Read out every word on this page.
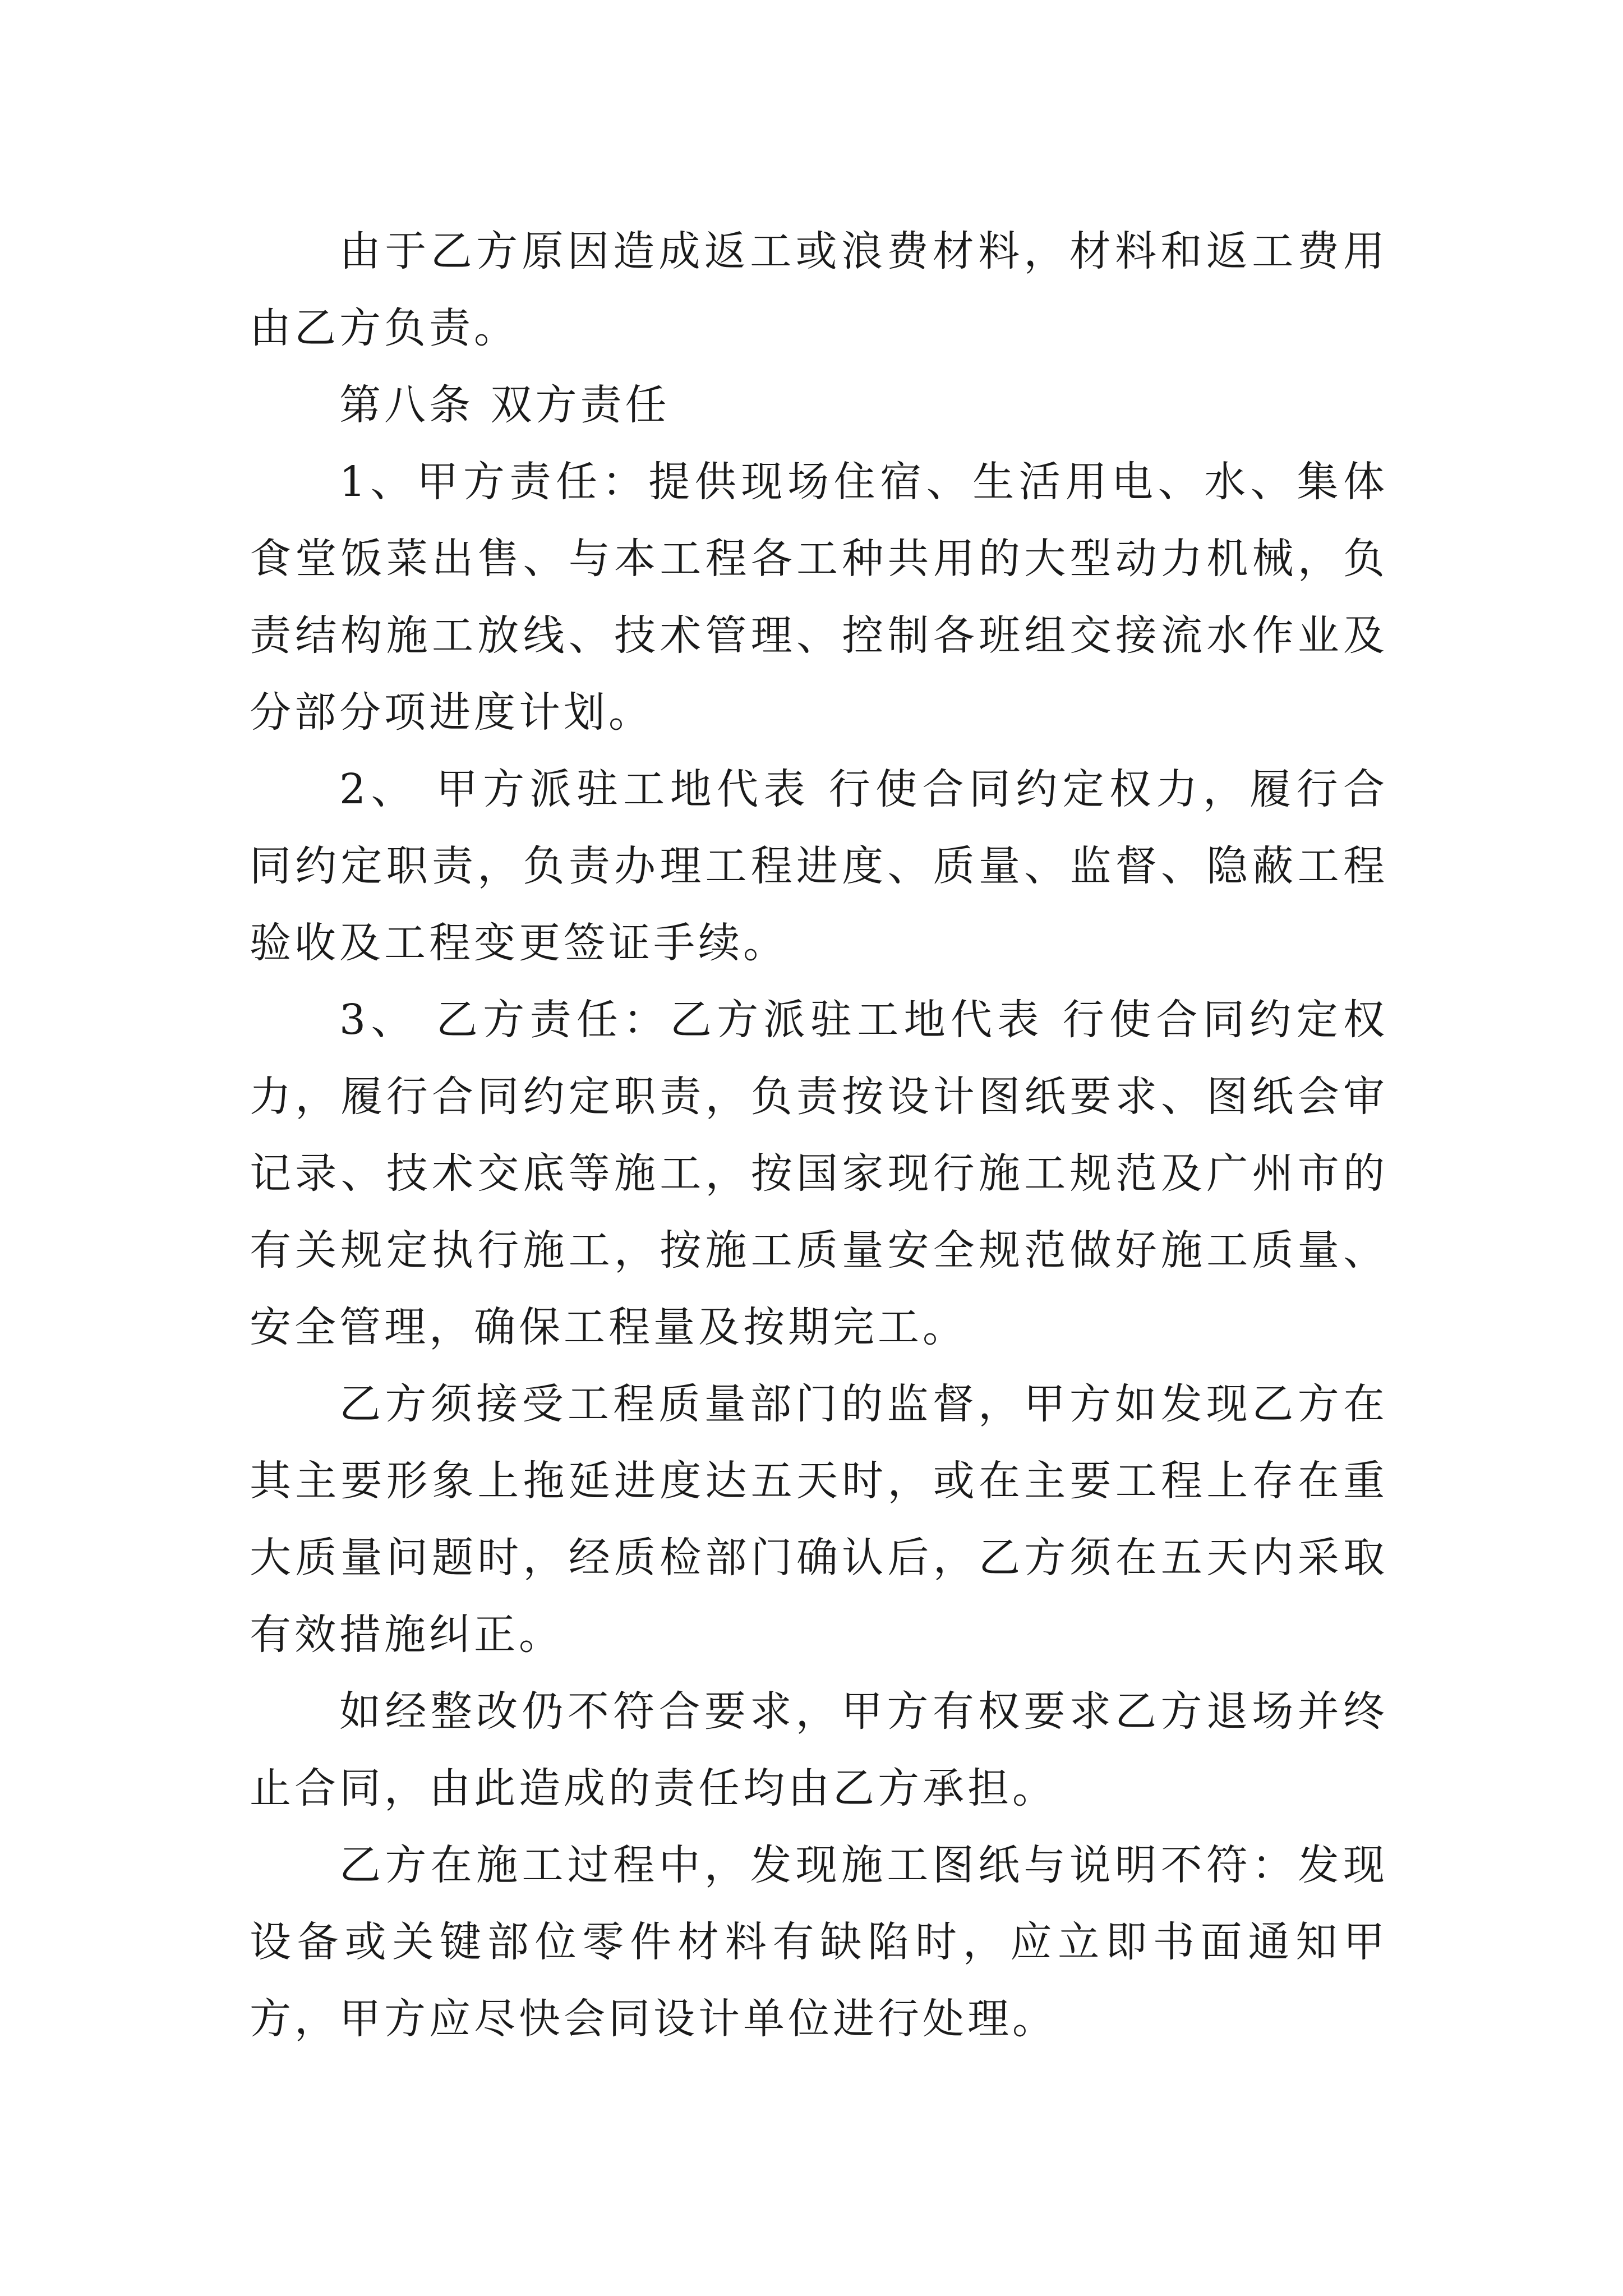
由于乙方原因造成返工或浪费材料，材料和返工费用由乙方负责。

第八条 双方责任

1、甲方责任：提供现场住宿、生活用电、水、集体食堂饭菜出售、与本工程各工种共用的大型动力机械，负责结构施工放线、技术管理、控制各班组交接流水作业及分部分项进度计划。

2、 甲方派驻工地代表 行使合同约定权力，履行合同约定职责，负责办理工程进度、质量、监督、隐蔽工程验收及工程变更签证手续。

3、 乙方责任：乙方派驻工地代表 行使合同约定权力，履行合同约定职责，负责按设计图纸要求、图纸会审记录、技术交底等施工，按国家现行施工规范及广州市的有关规定执行施工，按施工质量安全规范做好施工质量、安全管理，确保工程量及按期完工。

乙方须接受工程质量部门的监督，甲方如发现乙方在其主要形象上拖延进度达五天时，或在主要工程上存在重大质量问题时，经质检部门确认后，乙方须在五天内采取有效措施纠正。

如经整改仍不符合要求，甲方有权要求乙方退场并终止合同，由此造成的责任均由乙方承担。

乙方在施工过程中，发现施工图纸与说明不符：发现设备或关键部位零件材料有缺陷时，应立即书面通知甲方，甲方应尽快会同设计单位进行处理。
